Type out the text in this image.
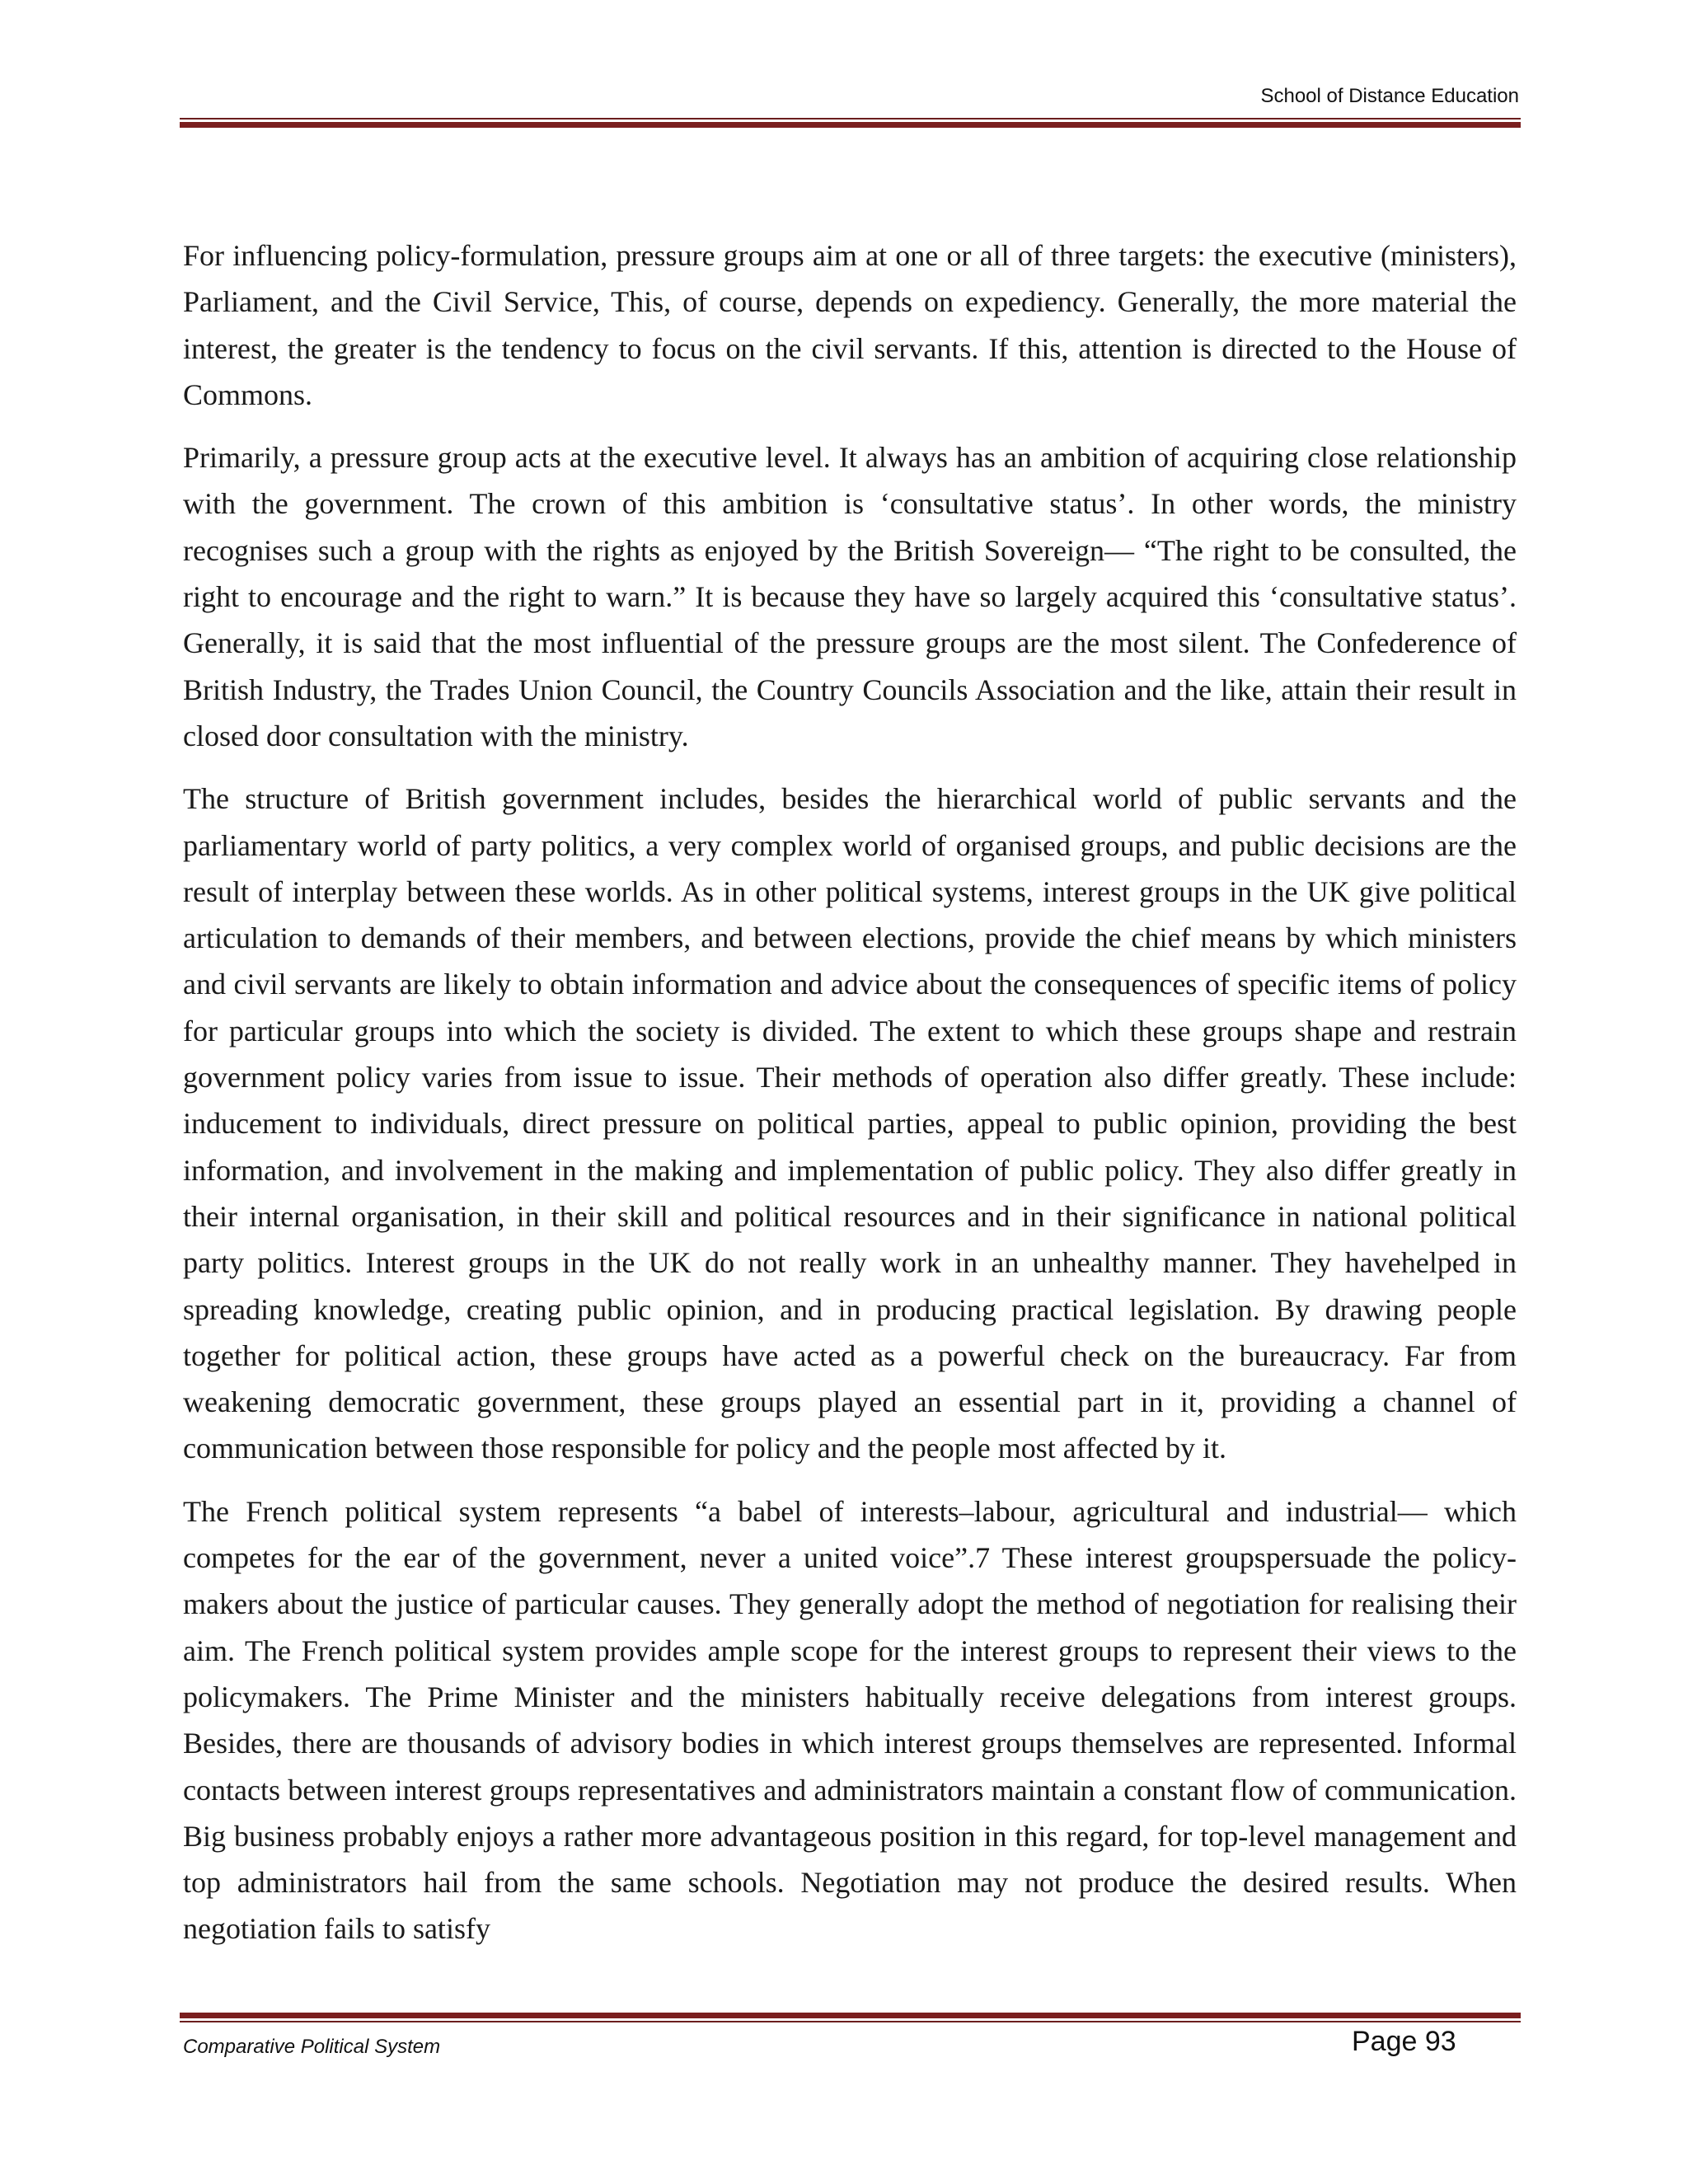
School of Distance Education

For influencing policy-formulation, pressure groups aim at one or all of three targets: the executive (ministers), Parliament, and the Civil Service, This, of course, depends on expediency. Generally, the more material the interest, the greater is the tendency to focus on the civil servants. If this, attention is directed to the House of Commons.

Primarily, a pressure group acts at the executive level. It always has an ambition of acquiring close relationship with the government. The crown of this ambition is ‘consultative status’. In other words, the ministry recognises such a group with the rights as enjoyed by the British Sovereign— “The right to be consulted, the right to encourage and the right to warn.” It is because they have so largely acquired this ‘consultative status’. Generally, it is said that the most influential of the pressure groups are the most silent. The Confederence of British Industry, the Trades Union Council, the Country Councils Association and the like, attain their result in closed door consultation with the ministry.

The structure of British government includes, besides the hierarchical world of public servants and the parliamentary world of party politics, a very complex world of organised groups, and public decisions are the result of interplay between these worlds. As in other political systems, interest groups in the UK give political articulation to demands of their members, and between elections, provide the chief means by which ministers and civil servants are likely to obtain information and advice about the consequences of specific items of policy for particular groups into which the society is divided. The extent to which these groups shape and restrain government policy varies from issue to issue. Their methods of operation also differ greatly. These include: inducement to individuals, direct pressure on political parties, appeal to public opinion, providing the best information, and involvement in the making and implementation of public policy. They also differ greatly in their internal organisation, in their skill and political resources and in their significance in national political party politics. Interest groups in the UK do not really work in an unhealthy manner. They havehelped in spreading knowledge, creating public opinion, and in producing practical legislation. By drawing people together for political action, these groups have acted as a powerful check on the bureaucracy. Far from weakening democratic government, these groups played an essential part in it, providing a channel of communication between those responsible for policy and the people most affected by it.

The French political system represents “a babel of interests–labour, agricultural and industrial— which competes for the ear of the government, never a united voice”.7 These interest groupspersuade the policy-makers about the justice of particular causes. They generally adopt the method of negotiation for realising their aim. The French political system provides ample scope for the interest groups to represent their views to the policymakers. The Prime Minister and the ministers habitually receive delegations from interest groups. Besides, there are thousands of advisory bodies in which interest groups themselves are represented. Informal contacts between interest groups representatives and administrators maintain a constant flow of communication. Big business probably enjoys a rather more advantageous position in this regard, for top-level management and top administrators hail from the same schools. Negotiation may not produce the desired results. When negotiation fails to satisfy

Comparative Political System	Page 93
